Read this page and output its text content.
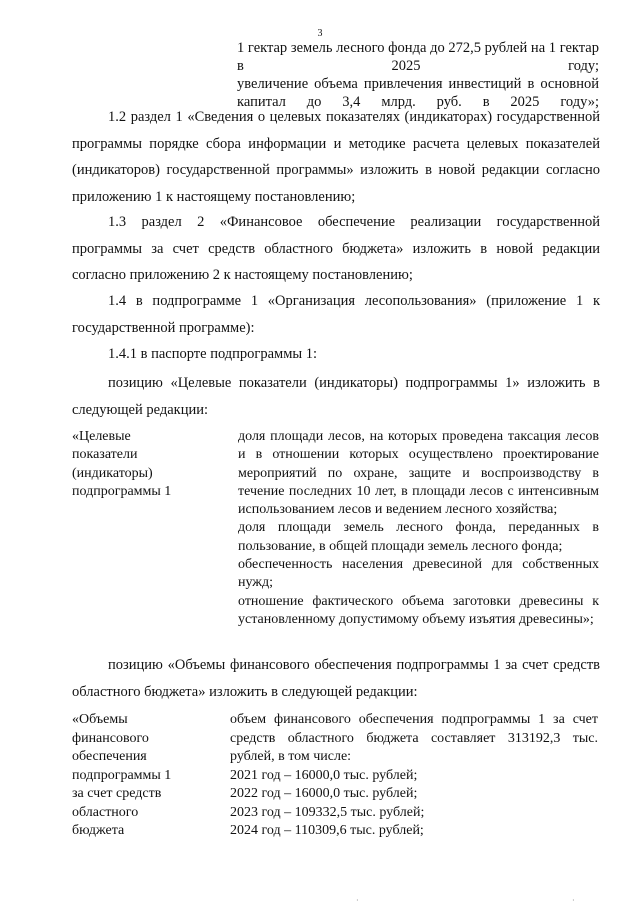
3

1 гектар земель лесного фонда до 272,5 рублей на 1 гектар в 2025 году;

увеличение объема привлечения инвестиций в основной капитал до 3,4 млрд. руб. в 2025 году»;

1.2 раздел 1 «Сведения о целевых показателях (индикаторах) государственной программы порядке сбора информации и методике расчета целевых показателей (индикаторов) государственной программы» изложить в новой редакции согласно приложению 1 к настоящему постановлению;

1.3 раздел 2 «Финансовое обеспечение реализации государственной программы за счет средств областного бюджета» изложить в новой редакции согласно приложению 2 к настоящему постановлению;

1.4 в подпрограмме 1 «Организация лесопользования» (приложение 1 к государственной программе):

1.4.1 в паспорте подпрограммы 1:

позицию «Целевые показатели (индикаторы) подпрограммы 1» изложить в следующей редакции:

«Целевые

показатели

(индикаторы)

подпрограммы 1

доля площади лесов, на которых проведена таксация лесов и в отношении которых осуществлено проектирование мероприятий по охране, защите и воспроизводству в течение последних 10 лет, в площади лесов с интенсивным использованием лесов и ведением лесного хозяйства;

доля площади земель лесного фонда, переданных в пользование, в общей площади земель лесного фонда;

обеспеченность населения древесиной для собственных нужд;

отношение фактического объема заготовки древесины к установленному допустимому объему изъятия древесины»;

позицию «Объемы финансового обеспечения подпрограммы 1 за счет средств областного бюджета» изложить в следующей редакции:

«Объемы

финансового

обеспечения

подпрограммы 1

за счет средств

областного

бюджета

объем финансового обеспечения подпрограммы 1 за счет средств областного бюджета составляет 313192,3 тыс. рублей, в том числе:

2021 год – 16000,0 тыс. рублей;

2022 год – 16000,0 тыс. рублей;

2023 год – 109332,5 тыс. рублей;

2024 год – 110309,6 тыс. рублей;

·	·
